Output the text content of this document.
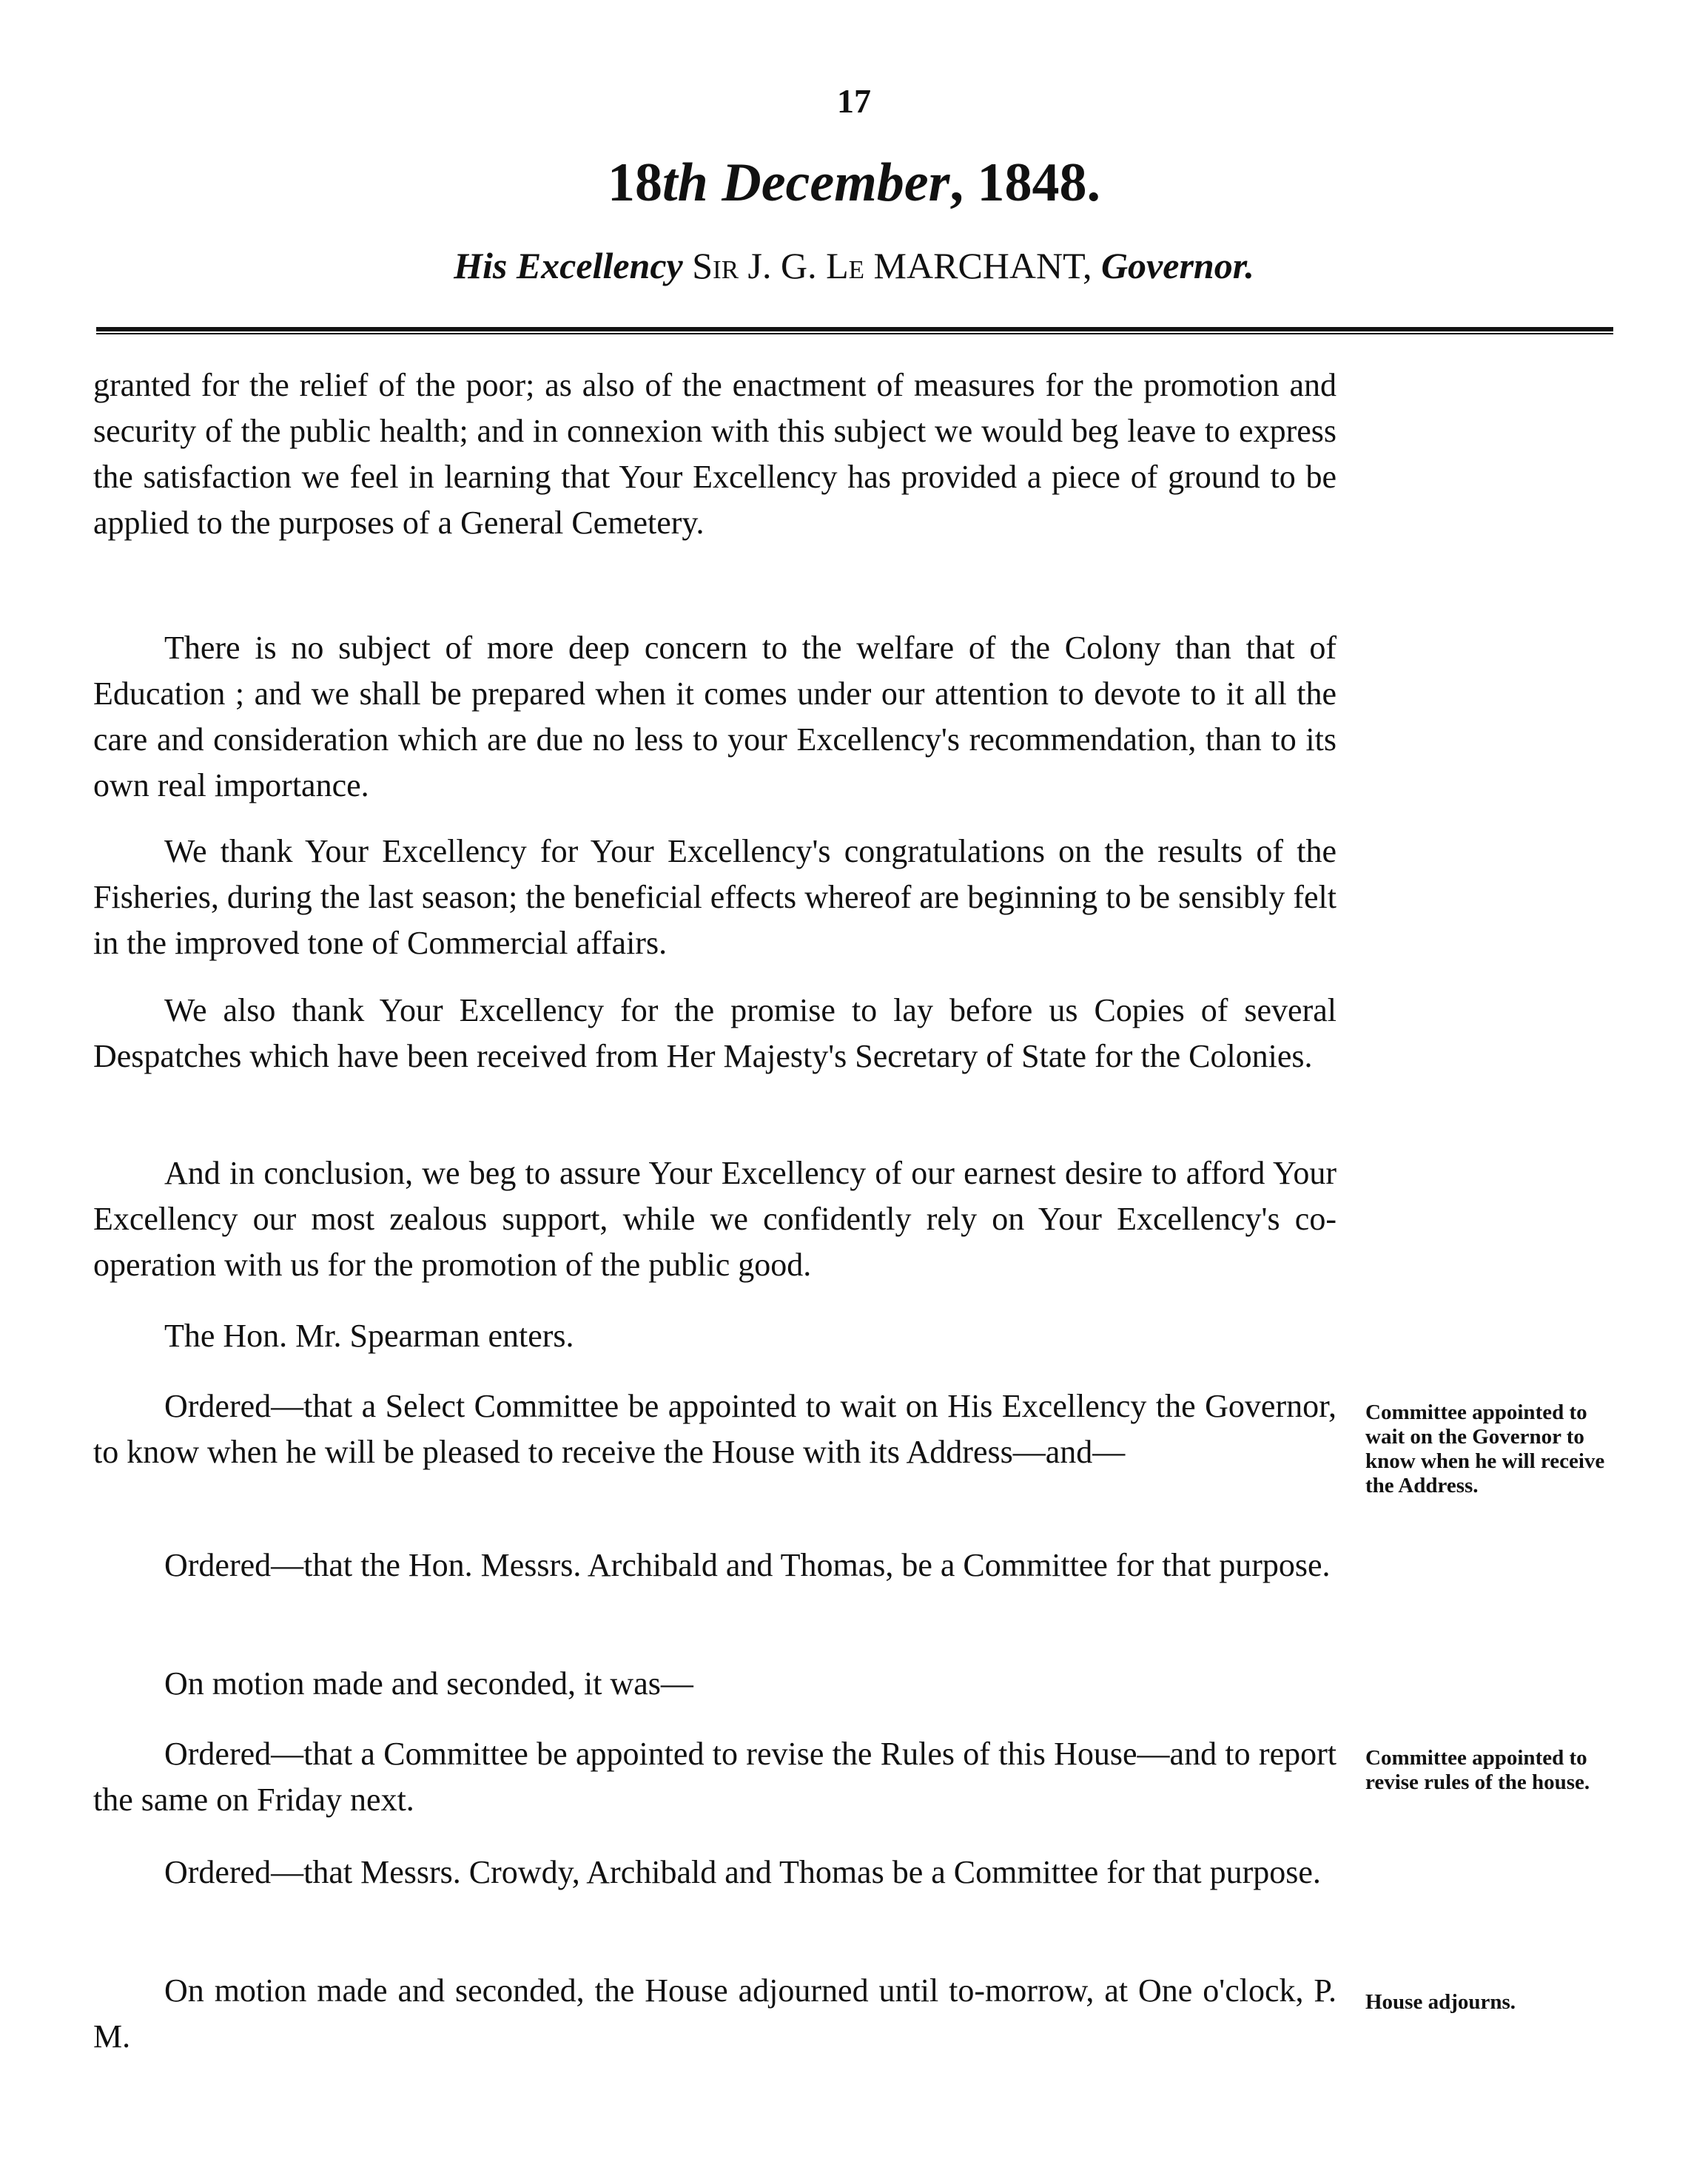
17
18th December, 1848.
His Excellency Sir J. G. Le MARCHANT, Governor.

granted for the relief of the poor; as also of the enactment of measures for the promotion and security of the public health; and in connexion with this subject we would beg leave to express the satisfaction we feel in learning that Your Excellency has provided a piece of ground to be applied to the purposes of a General Cemetery.

There is no subject of more deep concern to the welfare of the Colony than that of Education ; and we shall be prepared when it comes under our attention to devote to it all the care and consideration which are due no less to your Excellency's recommendation, than to its own real importance.

We thank Your Excellency for Your Excellency's congratulations on the results of the Fisheries, during the last season; the beneficial effects whereof are beginning to be sensibly felt in the improved tone of Commercial affairs.

We also thank Your Excellency for the promise to lay before us Copies of several Despatches which have been received from Her Majesty's Secretary of State for the Colonies.

And in conclusion, we beg to assure Your Excellency of our earnest desire to afford Your Excellency our most zealous support, while we confidently rely on Your Excellency's co-operation with us for the promotion of the public good.

The Hon. Mr. Spearman enters.

Ordered—that a Select Committee be appointed to wait on His Excellency the Governor, to know when he will be pleased to receive the House with its Address—and—

Committee appointed to wait on the Governor to know when he will receive the Address.

Ordered—that the Hon. Messrs. Archibald and Thomas, be a Committee for that purpose.

On motion made and seconded, it was—

Ordered—that a Committee be appointed to revise the Rules of this House—and to report the same on Friday next.

Committee appointed to revise rules of the house.

Ordered—that Messrs. Crowdy, Archibald and Thomas be a Committee for that purpose.

On motion made and seconded, the House adjourned until to-morrow, at One o'clock, P. M.

House adjourns.
